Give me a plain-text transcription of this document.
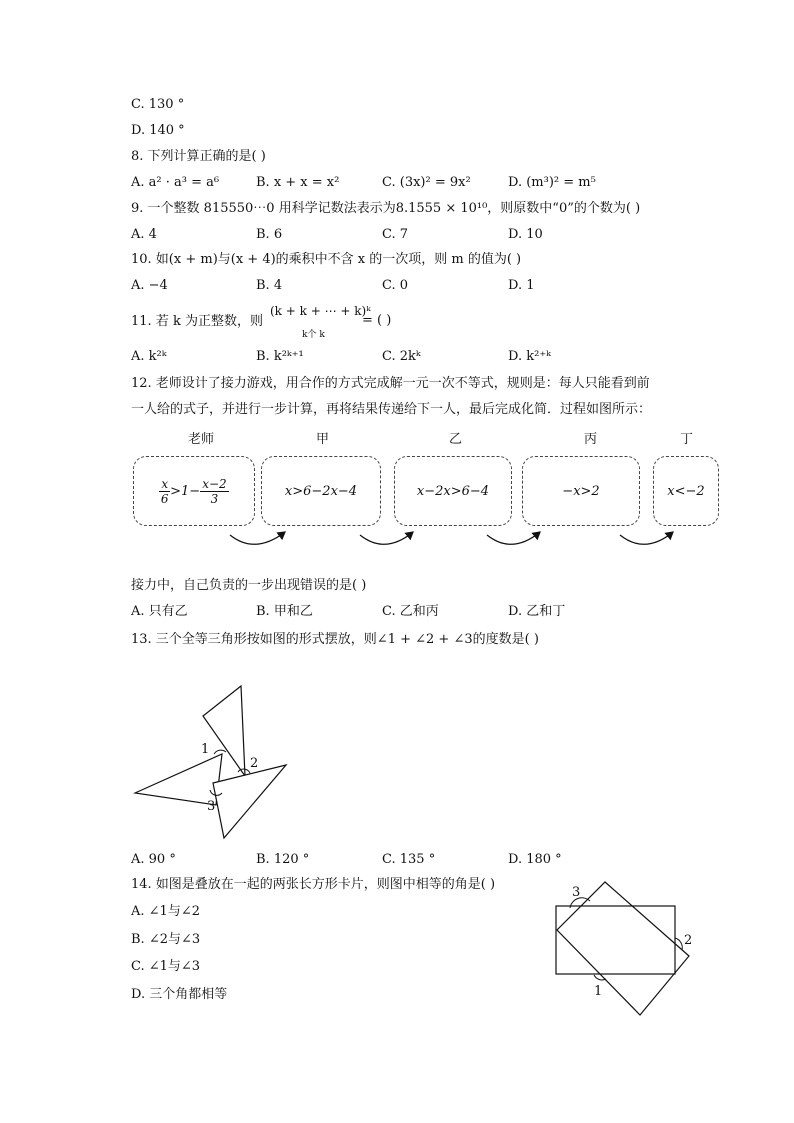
C. 130 °
D. 140 °
8. 下列计算正确的是( )
A. a² · a³ = a⁶	B. x + x = x²	C. (3x)² = 9x²	D. (m³)² = m⁵
9. 一个整数 815550⋯0 用科学记数法表示为8.1555 × 10¹⁰，则原数中“0”的个数为( )
A. 4	B. 6	C. 7	D. 10
10. 如(x + m)与(x + 4)的乘积中不含 x 的一次项，则 m 的值为( )
A. −4	B. 4	C. 0	D. 1
11. 若 k 为正整数，则
(k + k + ⋯ + k)ᵏ
k个 k
= ( )
A. k²ᵏ	B. k²ᵏ⁺¹	C. 2kᵏ	D. k²⁺ᵏ
12. 老师设计了接力游戏，用合作的方式完成解一元一次不等式，规则是：每人只能看到前
一人给的式子，并进行一步计算，再将结果传递给下一人，最后完成化简．过程如图所示：
老师	甲	乙	丙	丁
$\frac{x}{6} >1- \frac{x-2}{3}$	x>6−2x−4	x−2x>6−4	−x>2	x<−2
接力中，自己负责的一步出现错误的是( )
A. 只有乙	B. 甲和乙	C. 乙和丙	D. 乙和丁
13. 三个全等三角形按如图的形式摆放，则∠1 + ∠2 + ∠3的度数是( )
1
2
3
A. 90 °	B. 120 °	C. 135 °	D. 180 °
14. 如图是叠放在一起的两张长方形卡片，则图中相等的角是( )
A. ∠1与∠2
B. ∠2与∠3
C. ∠1与∠3
D. 三个角都相等
3
2
1
